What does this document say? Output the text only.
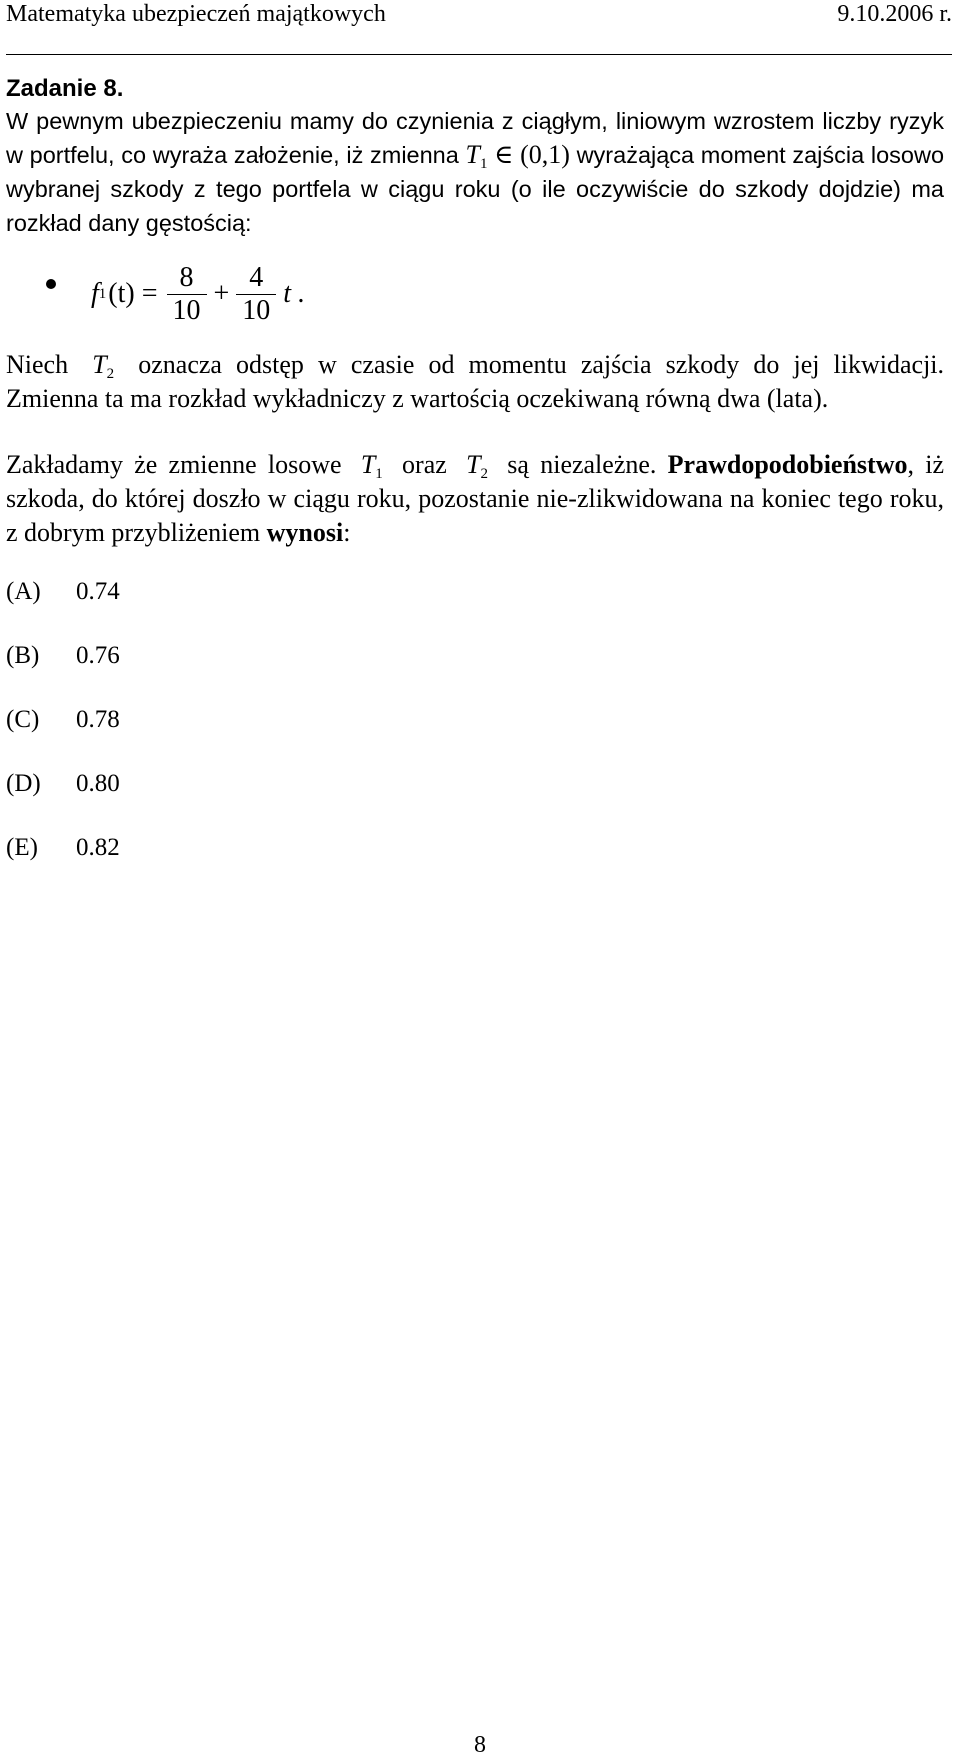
Matematyka ubezpieczeń majątkowych	9.10.2006 r.
Zadanie 8.

W pewnym ubezpieczeniu mamy do czynienia z ciągłym, liniowym wzrostem liczby ryzyk w portfelu, co wyraża założenie, iż zmienna $T_1$ ∈ (0,1) wyrażająca moment zajścia losowo wybranej szkody z tego portfela w ciągu roku (o ile oczywiście do szkody dojdzie) ma rozkład dany gęstością:

f 1 $(t) = \frac{8}{10} + \frac{4}{10}$ t .

Niech $T_2$ oznacza odstęp w czasie od momentu zajścia szkody do jej likwidacji. Zmienna ta ma rozkład wykładniczy z wartością oczekiwaną równą dwa (lata).

Zakładamy że zmienne losowe $T_1$ oraz $T_2$ są niezależne. Prawdopodobieństwo, iż szkoda, do której doszło w ciągu roku, pozostanie nie-zlikwidowana na koniec tego roku, z dobrym przybliżeniem wynosi:

(A)	0.74
(B)	0.76
(C)	0.78
(D)	0.80
(E)	0.82
8
